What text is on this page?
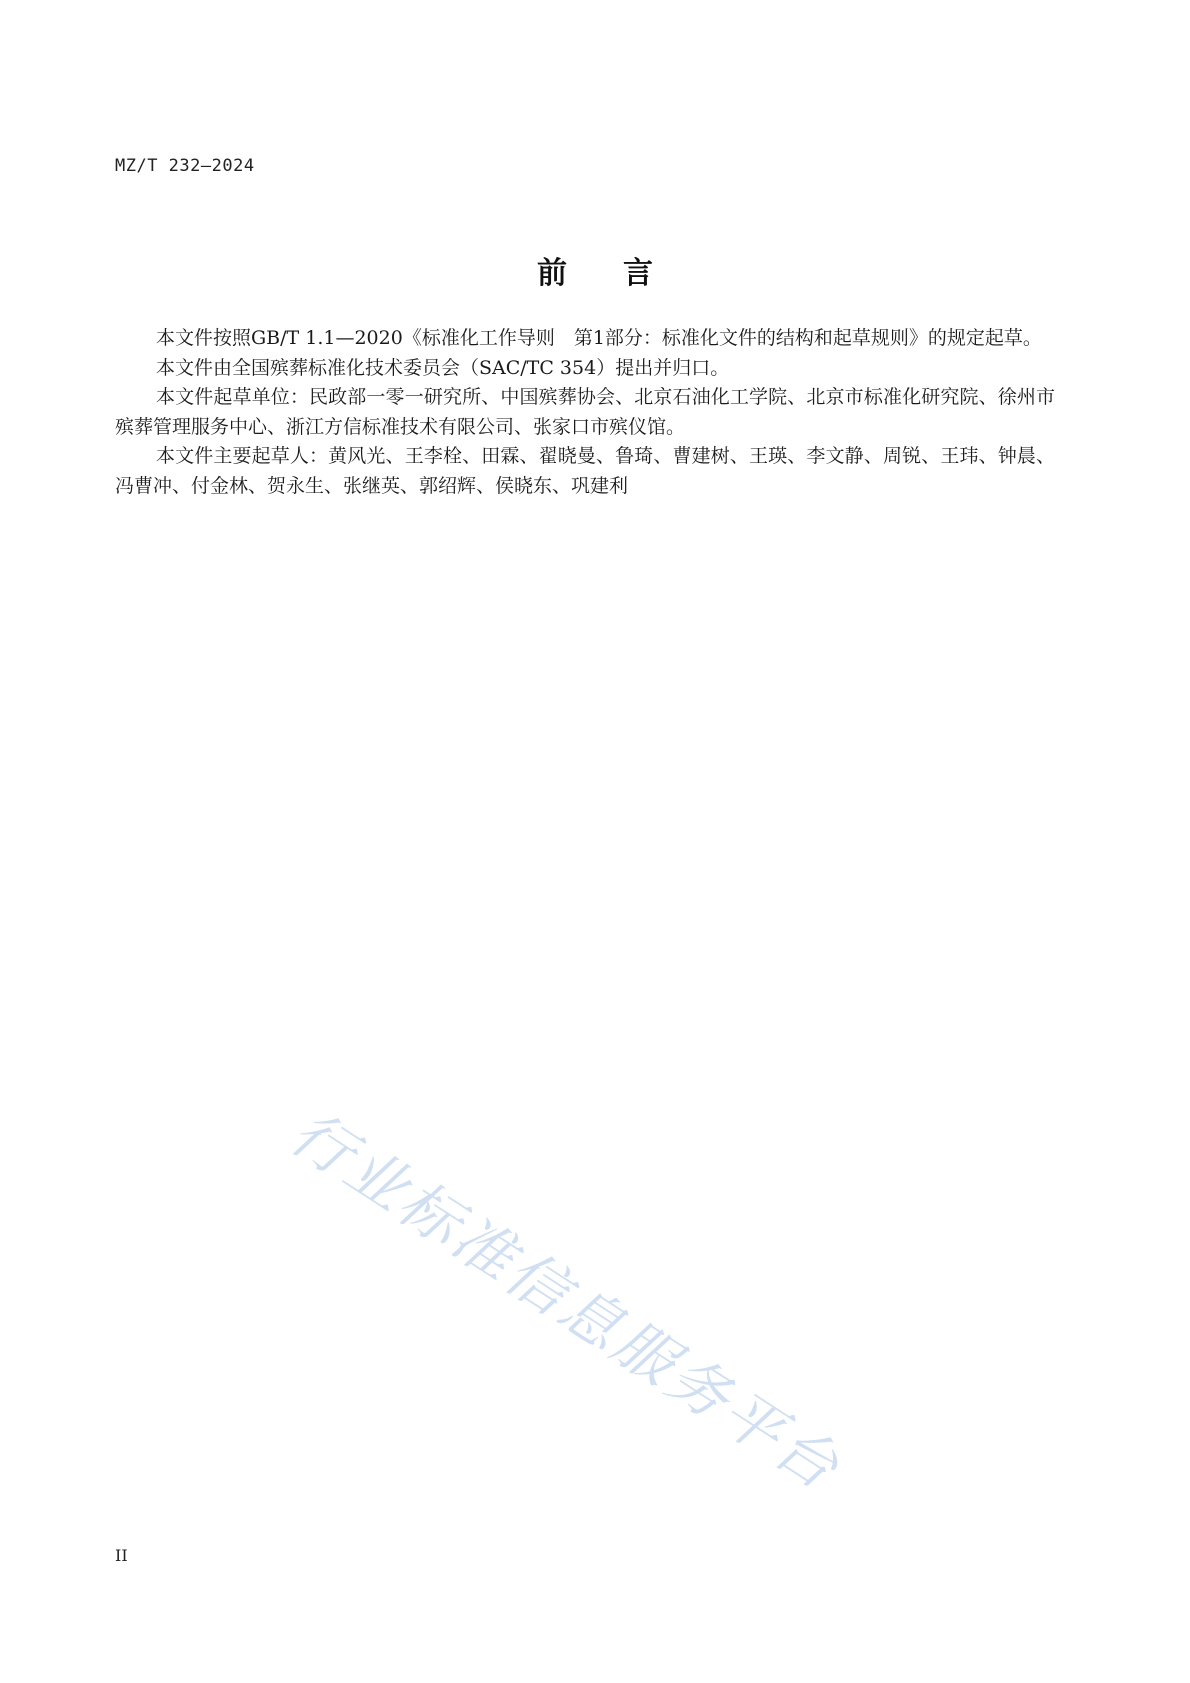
MZ/T 232—2024
前言

本文件按照GB/T 1.1—2020《标准化工作导则　第1部分：标准化文件的结构和起草规则》的规定起草。

本文件由全国殡葬标准化技术委员会（SAC/TC 354）提出并归口。

本文件起草单位：民政部一零一研究所、中国殡葬协会、北京石油化工学院、北京市标准化研究院、徐州市殡葬管理服务中心、浙江方信标准技术有限公司、张家口市殡仪馆。

本文件主要起草人：黄风光、王李栓、田霖、翟晓曼、鲁琦、曹建树、王瑛、李文静、周锐、王玮、钟晨、冯曹冲、付金林、贺永生、张继英、郭绍辉、侯晓东、巩建利

行业标准信息服务平台
II
